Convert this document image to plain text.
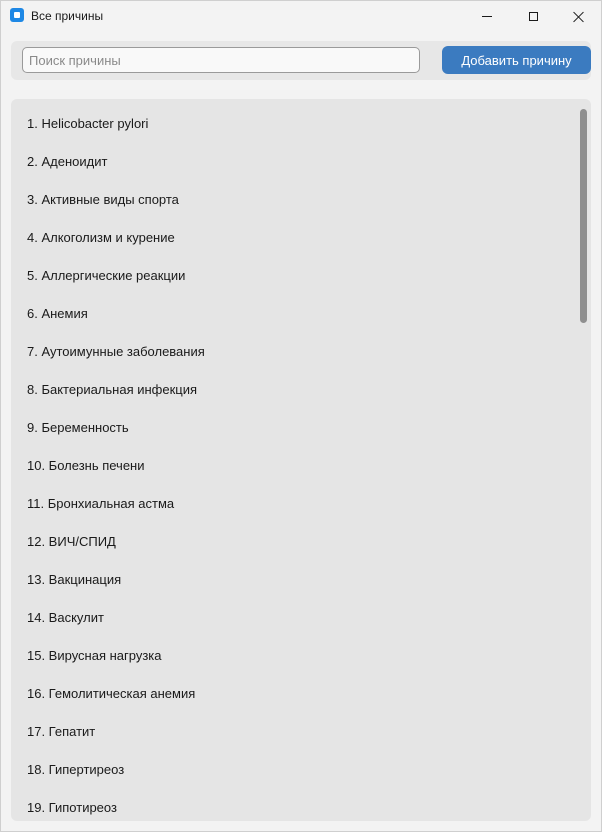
Все причины
Поиск причины
Добавить причину
1. Helicobacter pylori
2. Аденоидит
3. Активные виды спорта
4. Алкоголизм и курение
5. Аллергические реакции
6. Анемия
7. Аутоимунные заболевания
8. Бактериальная инфекция
9. Беременность
10. Болезнь печени
11. Бронхиальная астма
12. ВИЧ/СПИД
13. Вакцинация
14. Васкулит
15. Вирусная нагрузка
16. Гемолитическая анемия
17. Гепатит
18. Гипертиреоз
19. Гипотиреоз
